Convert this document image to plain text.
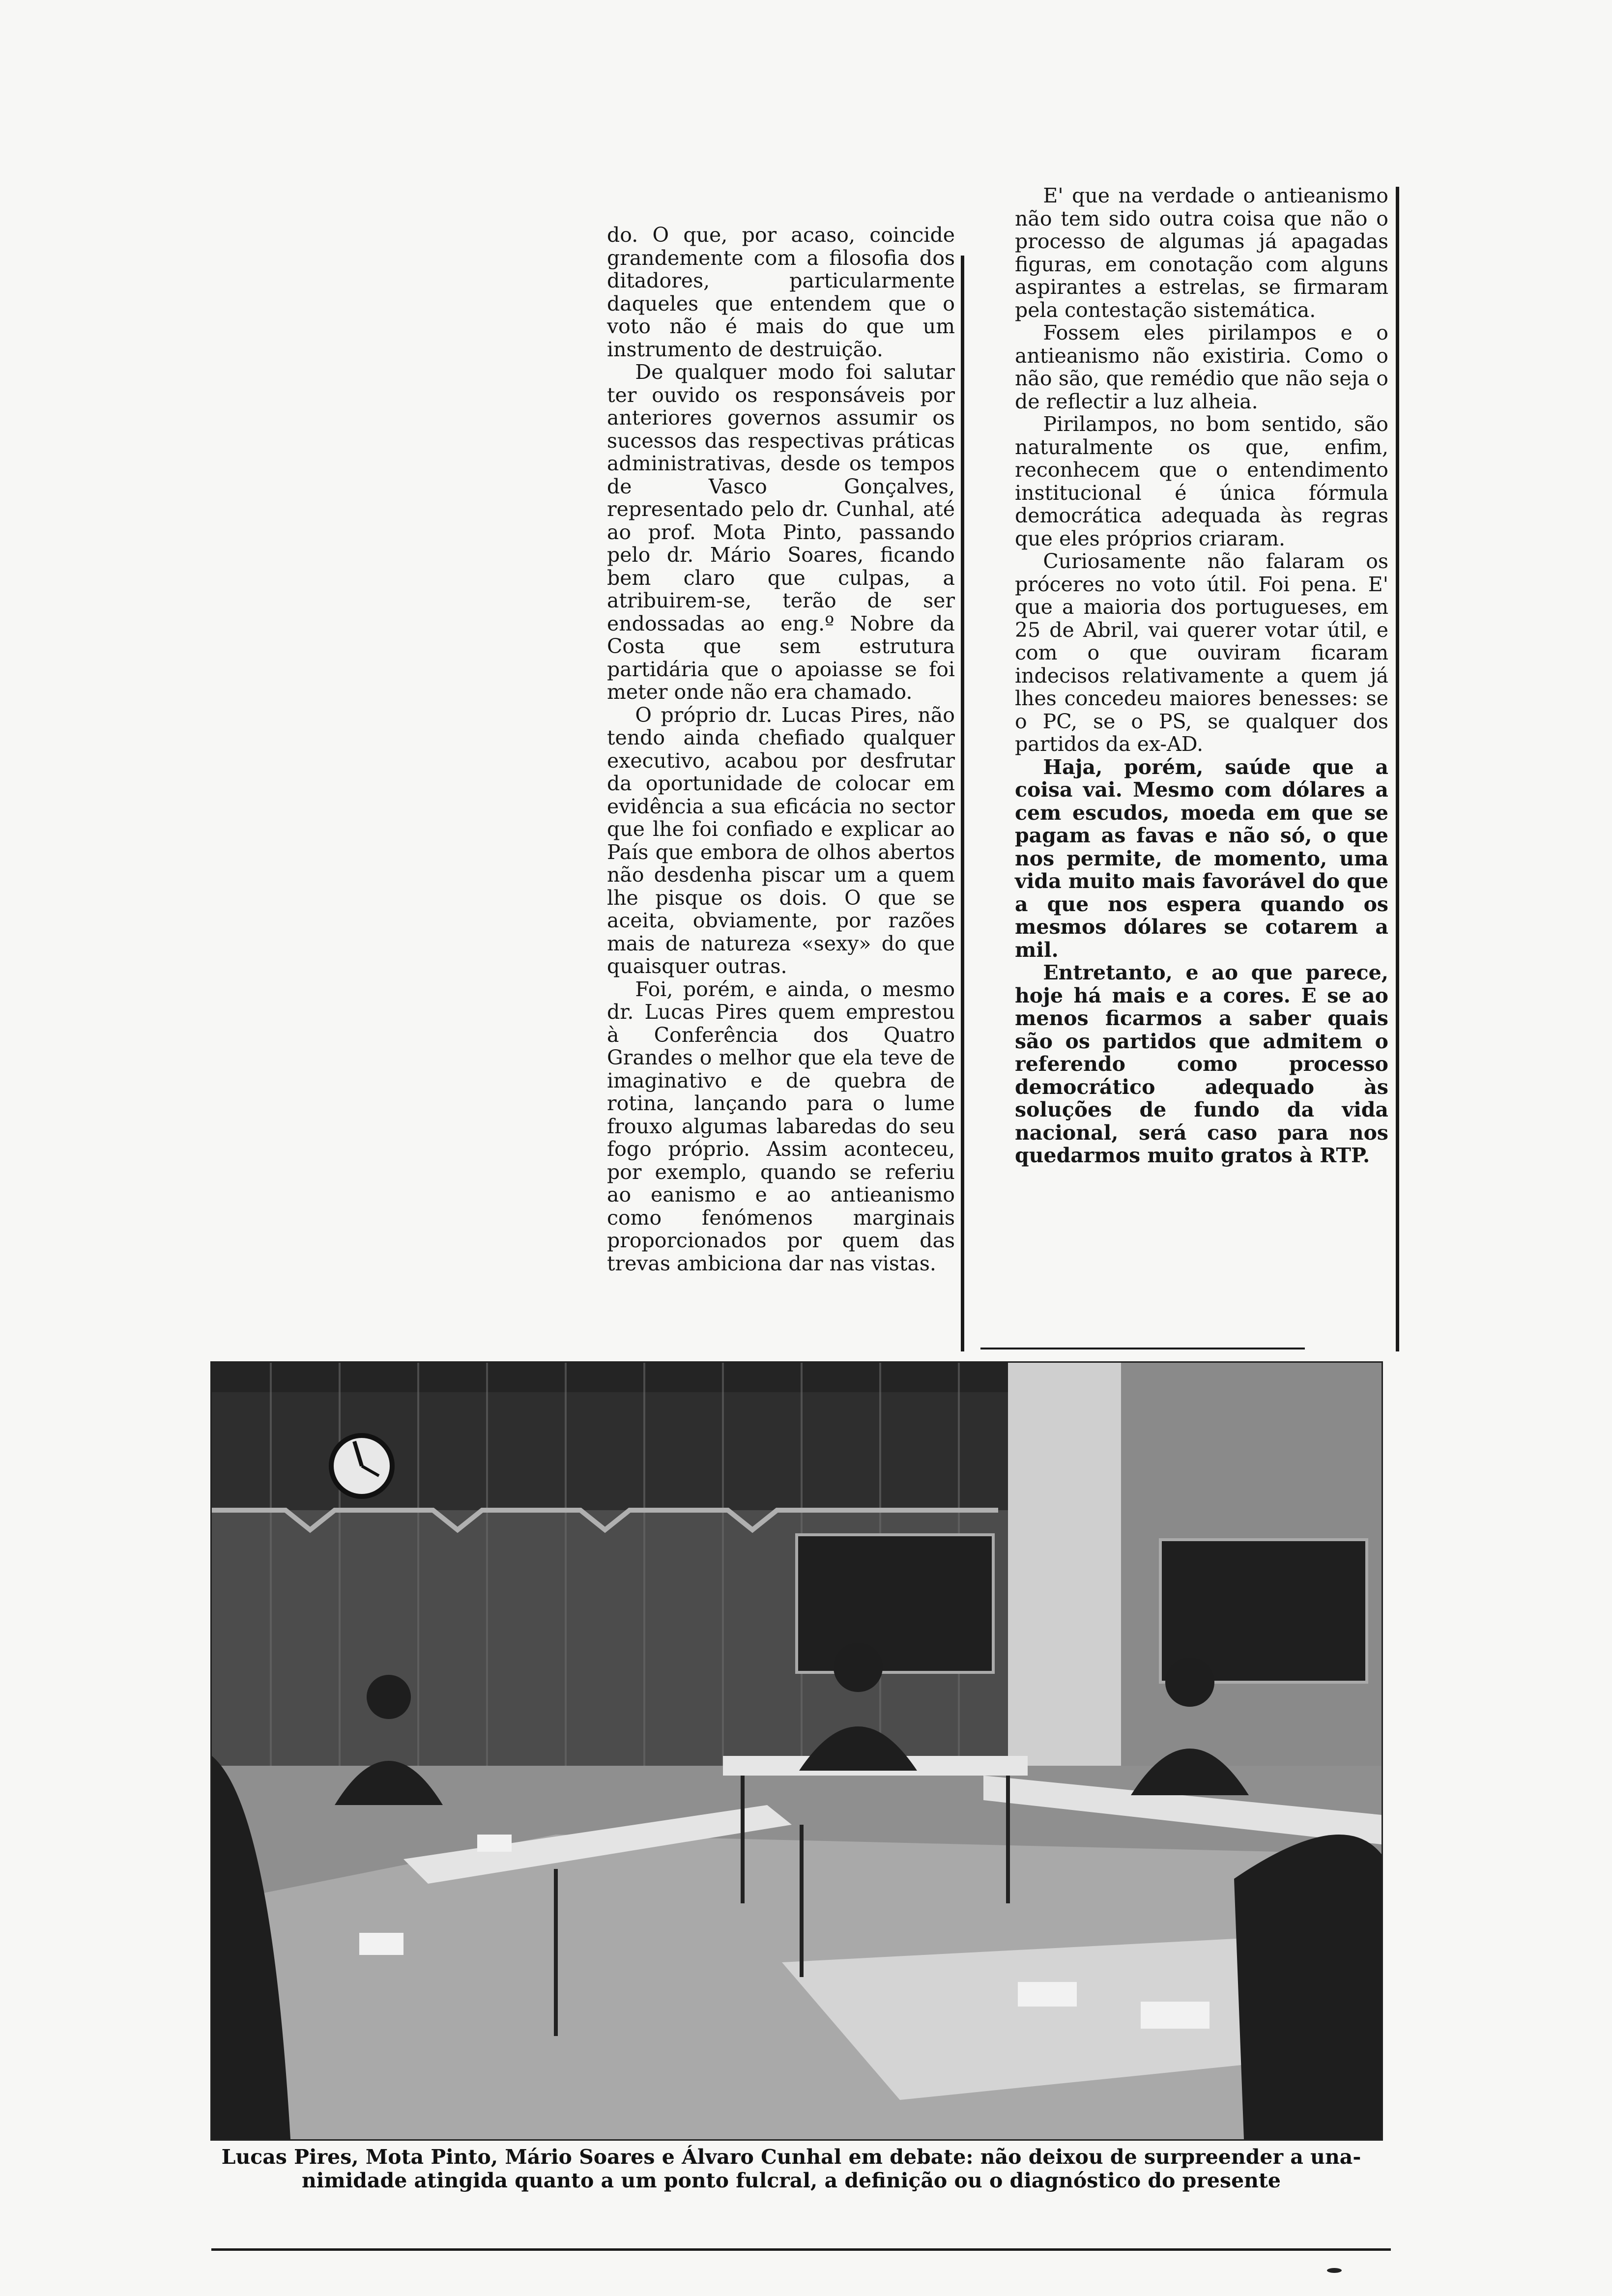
do. O que, por acaso, coincide grandemente com a filosofia dos ditadores, particularmente daqueles que entendem que o voto não é mais do que um instrumento de destruição.

De qualquer modo foi salutar ter ouvido os responsáveis por anteriores governos assumir os sucessos das respectivas práticas administrativas, desde os tempos de Vasco Gonçalves, representado pelo dr. Cunhal, até ao prof. Mota Pinto, passando pelo dr. Mário Soares, ficando bem claro que culpas, a atribuirem-se, terão de ser endossadas ao eng.º Nobre da Costa que sem estrutura partidária que o apoiasse se foi meter onde não era chamado.

O próprio dr. Lucas Pires, não tendo ainda chefiado qualquer executivo, acabou por desfrutar da oportunidade de colocar em evidência a sua eficácia no sector que lhe foi confiado e explicar ao País que embora de olhos abertos não desdenha piscar um a quem lhe pisque os dois. O que se aceita, obviamente, por razões mais de natureza «sexy» do que quaisquer outras.

Foi, porém, e ainda, o mesmo dr. Lucas Pires quem emprestou à Conferência dos Quatro Grandes o melhor que ela teve de imaginativo e de quebra de rotina, lançando para o lume frouxo algumas labaredas do seu fogo próprio. Assim aconteceu, por exemplo, quando se referiu ao eanismo e ao antieanismo como fenómenos marginais proporcionados por quem das trevas ambiciona dar nas vistas.

E' que na verdade o antieanismo não tem sido outra coisa que não o processo de algumas já apagadas figuras, em conotação com alguns aspirantes a estrelas, se firmaram pela contestação sistemática.

Fossem eles pirilampos e o antieanismo não existiria. Como o não são, que remédio que não seja o de reflectir a luz alheia.

Pirilampos, no bom sentido, são naturalmente os que, enfim, reconhecem que o entendimento institucional é única fórmula democrática adequada às regras que eles próprios criaram.

Curiosamente não falaram os próceres no voto útil. Foi pena. E' que a maioria dos portugueses, em 25 de Abril, vai querer votar útil, e com o que ouviram ficaram indecisos relativamente a quem já lhes concedeu maiores benesses: se o PC, se o PS, se qualquer dos partidos da ex-AD.

Haja, porém, saúde que a coisa vai. Mesmo com dólares a cem escudos, moeda em que se pagam as favas e não só, o que nos permite, de momento, uma vida muito mais favorável do que a que nos espera quando os mesmos dólares se cotarem a mil.

Entretanto, e ao que parece, hoje há mais e a cores. E se ao menos ficarmos a saber quais são os partidos que admitem o referendo como processo democrático adequado às soluções de fundo da vida nacional, será caso para nos quedarmos muito gratos à RTP.

Lucas Pires, Mota Pinto, Mário Soares e Álvaro Cunhal em debate: não deixou de surpreender a una-
nimidade atingida quanto a um ponto fulcral, a definição ou o diagnóstico do presente
